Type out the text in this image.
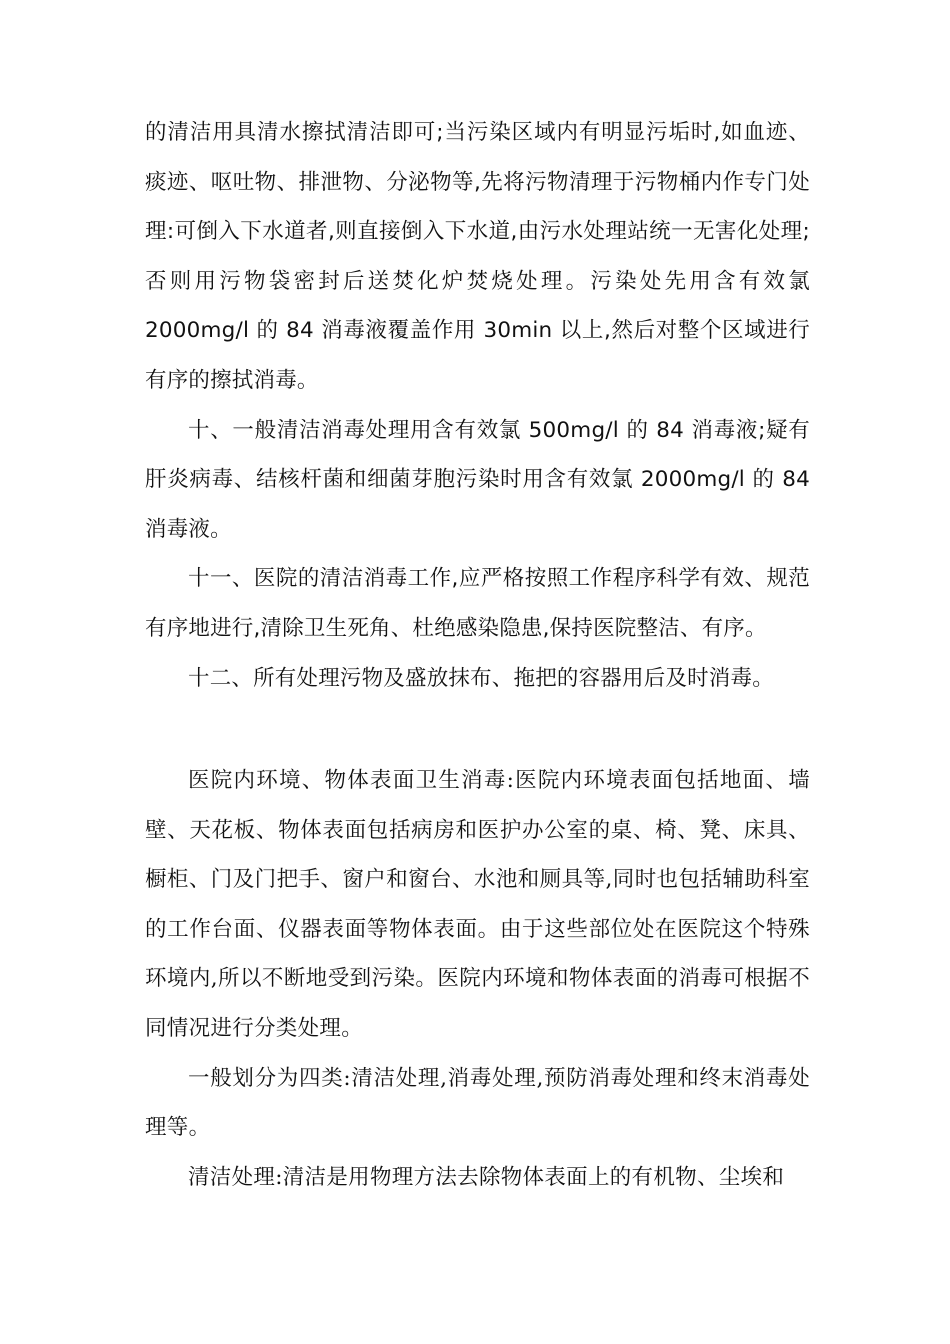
的清洁用具清水擦拭清洁即可;当污染区域内有明显污垢时,如血迹、痰迹、呕吐物、排泄物、分泌物等,先将污物清理于污物桶内作专门处理:可倒入下水道者,则直接倒入下水道,由污水处理站统一无害化处理;否则用污物袋密封后送焚化炉焚烧处理。污染处先用含有效氯 2000mg/l 的 84 消毒液覆盖作用 30min 以上,然后对整个区域进行有序的擦拭消毒。

十、一般清洁消毒处理用含有效氯 500mg/l 的 84 消毒液;疑有肝炎病毒、结核杆菌和细菌芽胞污染时用含有效氯 2000mg/l 的 84 消毒液。

十一、医院的清洁消毒工作,应严格按照工作程序科学有效、规范有序地进行,清除卫生死角、杜绝感染隐患,保持医院整洁、有序。

十二、所有处理污物及盛放抹布、拖把的容器用后及时消毒。

医院内环境、物体表面卫生消毒:医院内环境表面包括地面、墙壁、天花板、物体表面包括病房和医护办公室的桌、椅、凳、床具、橱柜、门及门把手、窗户和窗台、水池和厕具等,同时也包括辅助科室的工作台面、仪器表面等物体表面。由于这些部位处在医院这个特殊环境内,所以不断地受到污染。医院内环境和物体表面的消毒可根据不同情况进行分类处理。

一般划分为四类:清洁处理,消毒处理,预防消毒处理和终末消毒处理等。

清洁处理:清洁是用物理方法去除物体表面上的有机物、尘埃和
